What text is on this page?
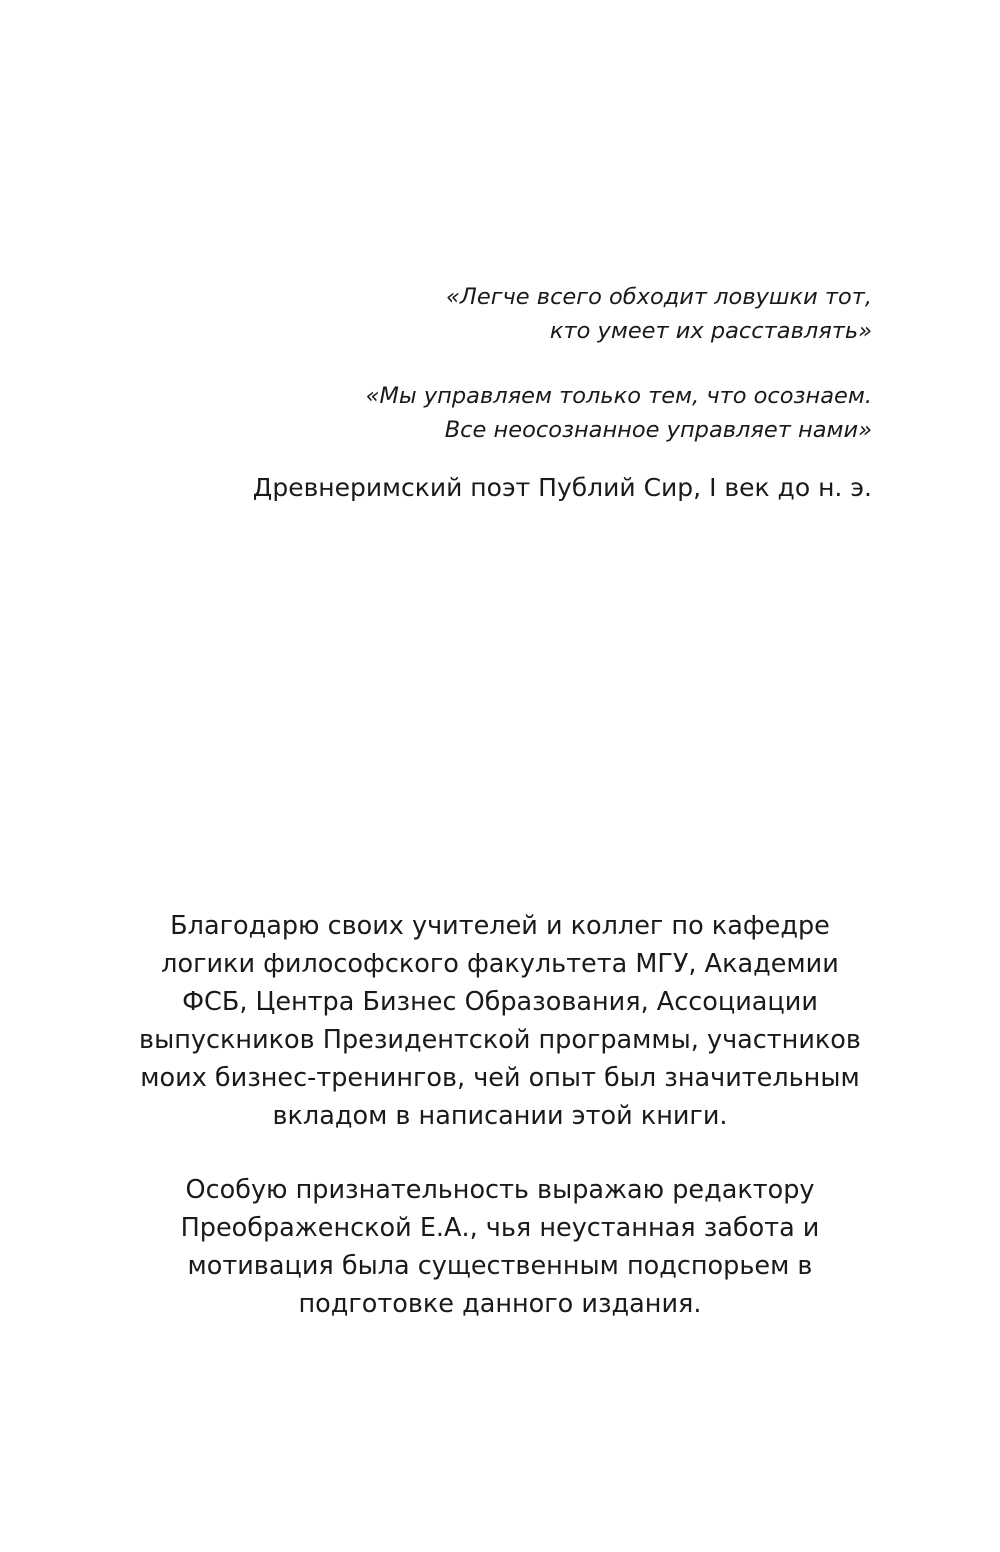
«Легче всего обходит ловушки тот,
кто умеет их расставлять»

«Мы управляем только тем, что осознаем.
Все неосознанное управляет нами»

Древнеримский поэт Публий Сир, I век до н. э.

Благодарю своих учителей и коллег по кафедре
логики философского факультета МГУ, Академии
ФСБ, Центра Бизнес Образования, Ассоциации
выпускников Президентской программы, участников
моих бизнес-тренингов, чей опыт был значительным
вкладом в написании этой книги.

Особую признательность выражаю редактору
Преображенской Е.А., чья неустанная забота и
мотивация была существенным подспорьем в
подготовке данного издания.
